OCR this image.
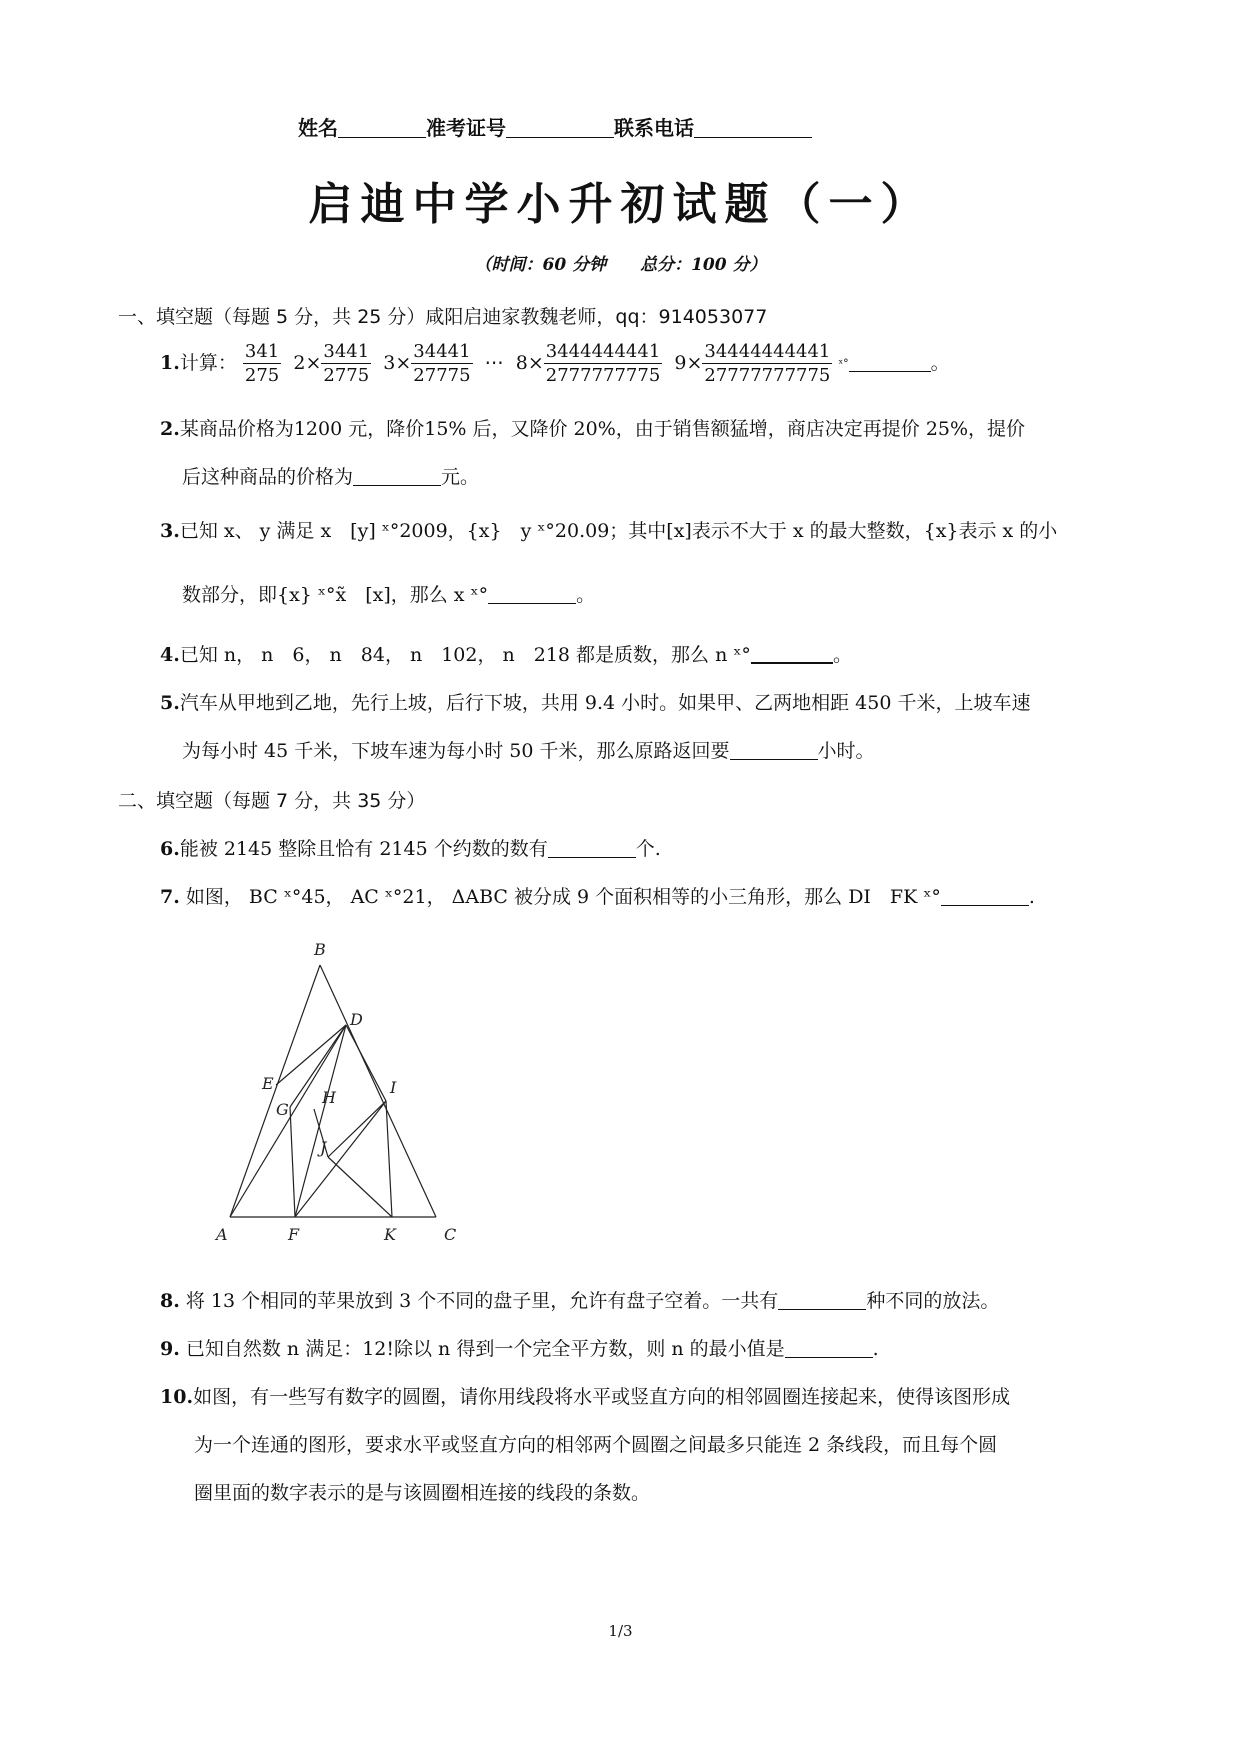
姓名	准考证号	联系电话
启迪中学小升初试题（一）
（时间：60 分钟　　总分：100 分）
一、填空题（每题 5 分，共 25 分）咸阳启迪家教魏老师，qq：914053077
1.计算： $\frac{341}{275} 2\times \frac{3441}{2775} 3\times \frac{34441}{27775}$ ⋯ $8\times \frac{3444444441}{2777777775} 9\times \frac{34444444441}{27777777775}$ ˣ°	。
2.某商品价格为1200 元，降价15% 后，又降价 20%，由于销售额猛增，商店决定再提价 25%，提价
后这种商品的价格为	元。
3.已知 x、 y 满足 x　[y] ˣ°2009，{x}　y ˣ°20.09；其中[x]表示不大于 x 的最大整数，{x}表示 x 的小
数部分，即{x} ˣ°x̃　[x]，那么 x ˣ°	。
4.已知 n， n　6， n　84， n　102， n　218 都是质数，那么 n ˣ°	。
5.汽车从甲地到乙地，先行上坡，后行下坡，共用 9.4 小时。如果甲、乙两地相距 450 千米，上坡车速
为每小时 45 千米，下坡车速为每小时 50 千米，那么原路返回要	小时。
二、填空题（每题 7 分，共 35 分）
6.能被 2145 整除且恰有 2145 个约数的数有	个.
7. 如图， BC ˣ°45， AC ˣ°21， ΔABC 被分成 9 个面积相等的小三角形，那么 DI　FK ˣ°	.
B
D
E
G
H
I
J
A	F	K	C
8. 将 13 个相同的苹果放到 3 个不同的盘子里，允许有盘子空着。一共有	种不同的放法。
9. 已知自然数 n 满足：12!除以 n 得到一个完全平方数，则 n 的最小值是	.
10.如图，有一些写有数字的圆圈，请你用线段将水平或竖直方向的相邻圆圈连接起来，使得该图形成
为一个连通的图形，要求水平或竖直方向的相邻两个圆圈之间最多只能连 2 条线段，而且每个圆
圈里面的数字表示的是与该圆圈相连接的线段的条数。
1/3
